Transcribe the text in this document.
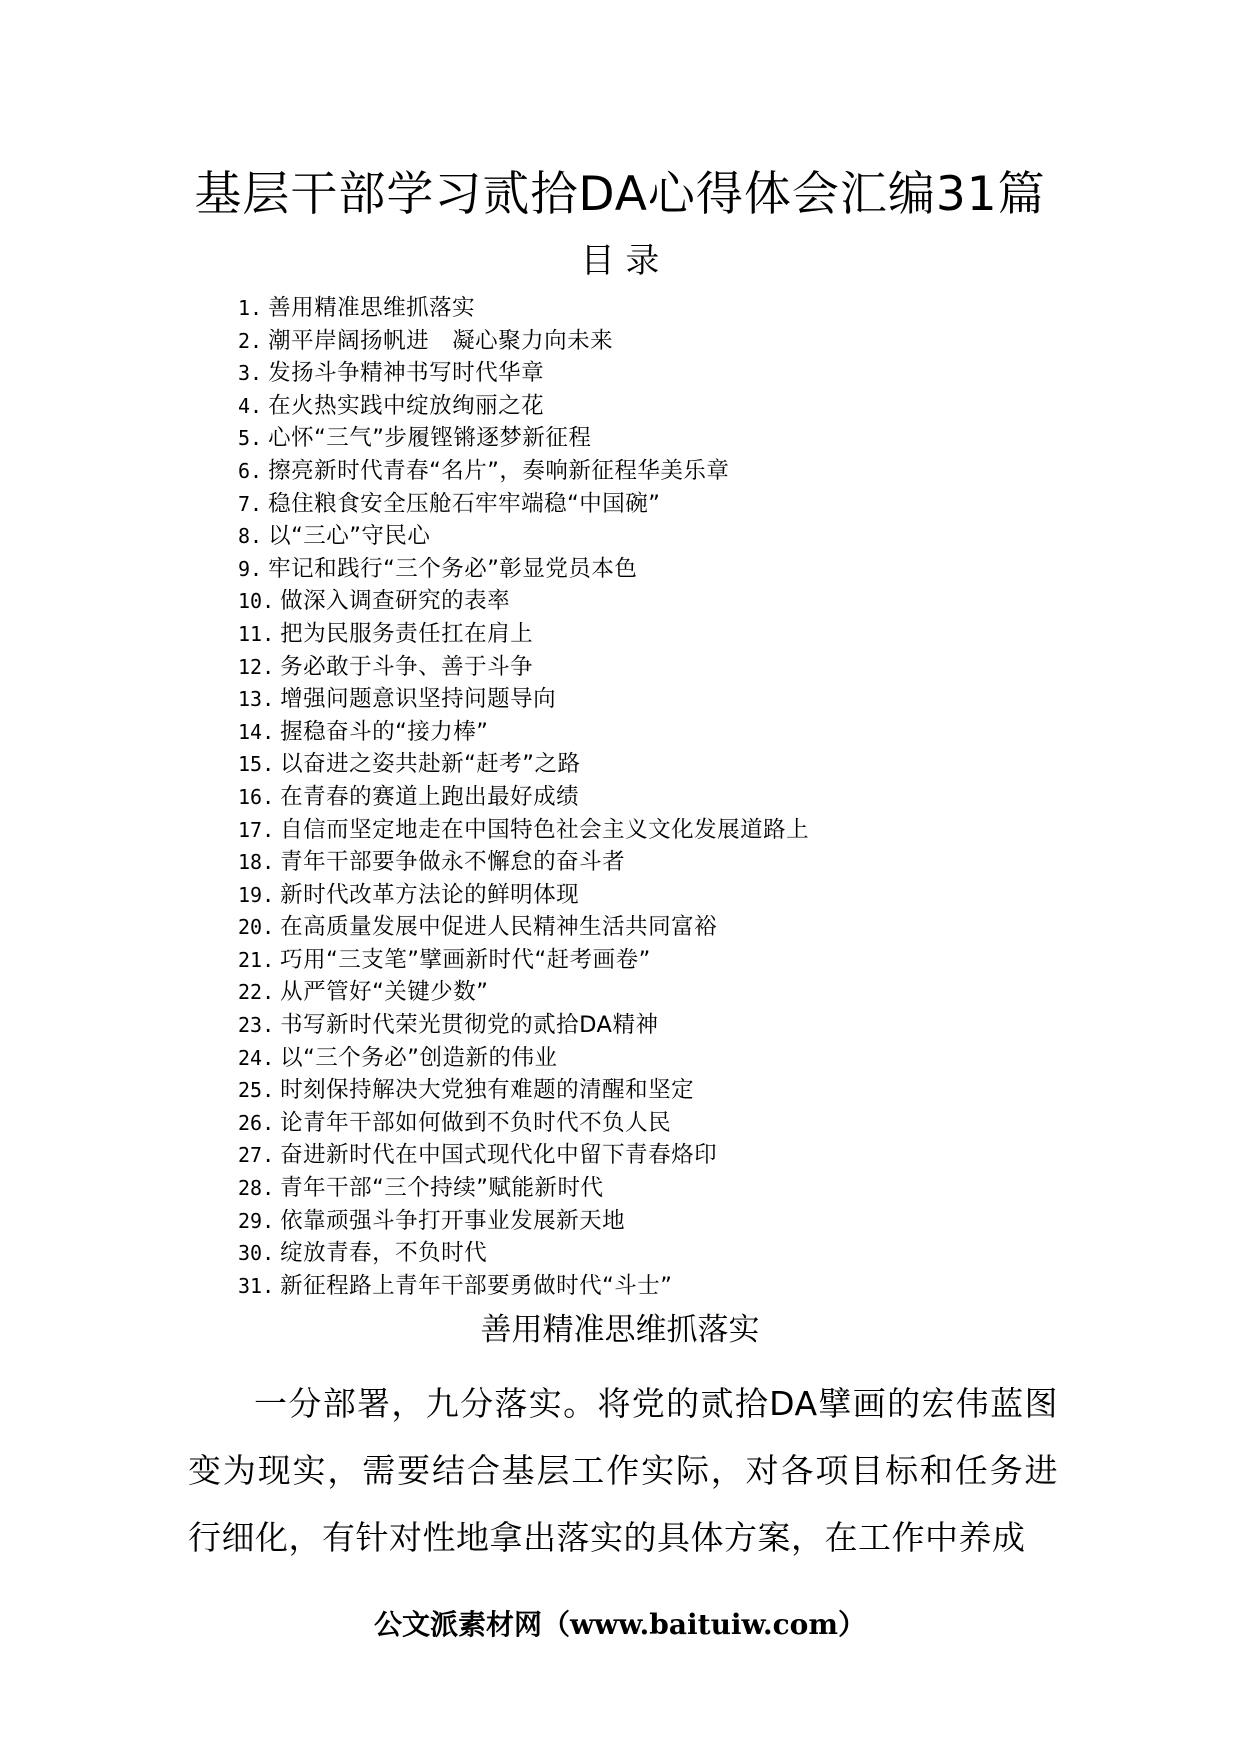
基层干部学习贰拾DA心得体会汇编31篇
目 录
1. 善用精准思维抓落实
2. 潮平岸阔扬帆进　凝心聚力向未来
3. 发扬斗争精神书写时代华章
4. 在火热实践中绽放绚丽之花
5. 心怀“三气”步履铿锵逐梦新征程
6. 擦亮新时代青春“名片”，奏响新征程华美乐章
7. 稳住粮食安全压舱石牢牢端稳“中国碗”
8. 以“三心”守民心
9. 牢记和践行“三个务必”彰显党员本色
10. 做深入调查研究的表率
11. 把为民服务责任扛在肩上
12. 务必敢于斗争、善于斗争
13. 增强问题意识坚持问题导向
14. 握稳奋斗的“接力棒”
15. 以奋进之姿共赴新“赶考”之路
16. 在青春的赛道上跑出最好成绩
17. 自信而坚定地走在中国特色社会主义文化发展道路上
18. 青年干部要争做永不懈怠的奋斗者
19. 新时代改革方法论的鲜明体现
20. 在高质量发展中促进人民精神生活共同富裕
21. 巧用“三支笔”擘画新时代“赶考画卷”
22. 从严管好“关键少数”
23. 书写新时代荣光贯彻党的贰拾DA精神
24. 以“三个务必”创造新的伟业
25. 时刻保持解决大党独有难题的清醒和坚定
26. 论青年干部如何做到不负时代不负人民
27. 奋进新时代在中国式现代化中留下青春烙印
28. 青年干部“三个持续”赋能新时代
29. 依靠顽强斗争打开事业发展新天地
30. 绽放青春，不负时代
31. 新征程路上青年干部要勇做时代“斗士”
善用精准思维抓落实

一分部署，九分落实。将党的贰拾DA擘画的宏伟蓝图变为现实，需要结合基层工作实际，对各项目标和任务进行细化，有针对性地拿出落实的具体方案，在工作中养成

公文派素材网（www.baituiw.com）
